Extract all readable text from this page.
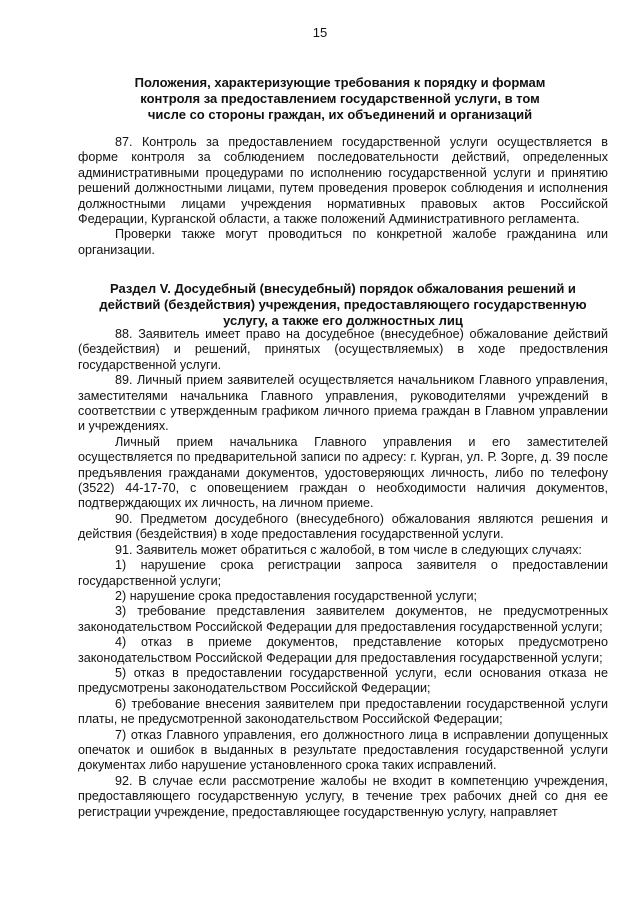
15
Положения, характеризующие требования к порядку и формам контроля за предоставлением государственной услуги, в том числе со стороны граждан, их объединений и организаций

87. Контроль за предоставлением государственной услуги осуществляется в форме контроля за соблюдением последовательности действий, определенных административными процедурами по исполнению государственной услуги и принятию решений должностными лицами, путем проведения проверок соблюдения и исполнения должностными лицами учреждения нормативных правовых актов Российской Федерации, Курганской области, а также положений Административного регламента.

Проверки также могут проводиться по конкретной жалобе гражданина или организации.

Раздел V. Досудебный (внесудебный) порядок обжалования решений и действий (бездействия) учреждения, предоставляющего государственную услугу, а также его должностных лиц

88. Заявитель имеет право на досудебное (внесудебное) обжалование действий (бездействия) и решений, принятых (осуществляемых) в ходе предоствления государственной услуги.

89. Личный прием заявителей осуществляется начальником Главного управления, заместителями начальника Главного управления, руководителями учреждений в соответствии с утвержденным графиком личного приема граждан в Главном управлении и учреждениях.

Личный прием начальника Главного управления и его заместителей осуществляется по предварительной записи по адресу: г. Курган, ул. Р. Зорге, д. 39 после предъявления гражданами документов, удостоверяющих личность, либо по телефону (3522) 44-17-70, с оповещением граждан о необходимости наличия документов, подтверждающих их личность, на личном приеме.

90. Предметом досудебного (внесудебного) обжалования являются решения и действия (бездействия) в ходе предоставления государственной услуги.

91. Заявитель может обратиться с жалобой, в том числе в следующих случаях:

1) нарушение срока регистрации запроса заявителя о предоставлении государственной услуги;

2) нарушение срока предоставления государственной услуги;

3) требование представления заявителем документов, не предусмотренных законодательством Российской Федерации для предоставления государственной услуги;

4) отказ в приеме документов, представление которых предусмотрено законодательством Российской Федерации для предоставления государственной услуги;

5) отказ в предоставлении государственной услуги, если основания отказа не предусмотрены законодательством Российской Федерации;

6) требование внесения заявителем при предоставлении государственной услуги платы, не предусмотренной законодательством Российской Федерации;

7) отказ Главного управления, его должностного лица в исправлении допущенных опечаток и ошибок в выданных в результате предоставления государственной услуги документах либо нарушение установленного срока таких исправлений.

92. В случае если рассмотрение жалобы не входит в компетенцию учреждения, предоставляющего государственную услугу, в течение трех рабочих дней со дня ее регистрации учреждение, предоставляющее государственную услугу, направляет
